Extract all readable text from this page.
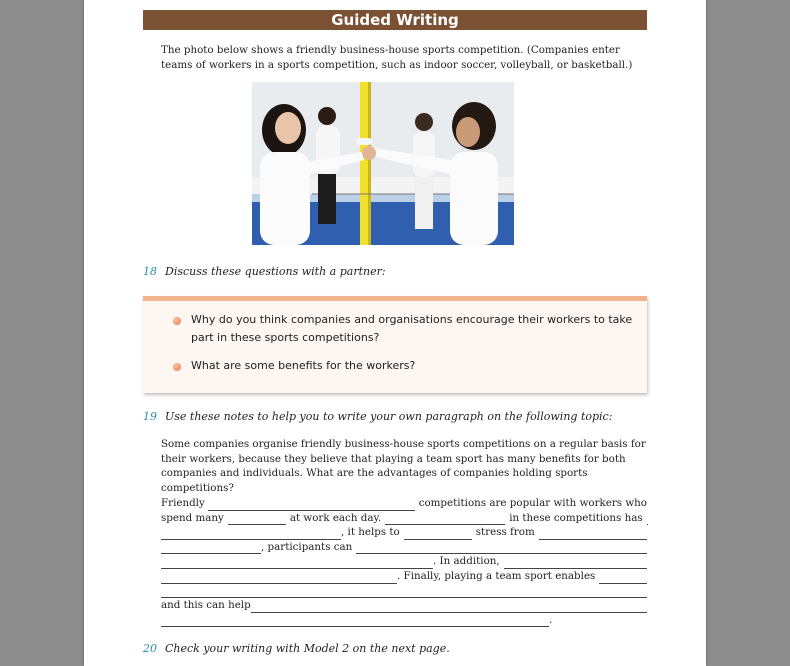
Guided Writing
The photo below shows a friendly business-house sports competition. (Companies enter teams of workers in a sports competition, such as indoor soccer, volleyball, or basketball.)
18 Discuss these questions with a partner:
Why do you think companies and organisations encourage their workers to take
part in these sports competitions?
What are some benefits for the workers?
19 Use these notes to help you to write your own paragraph on the following topic:
Some companies organise friendly business-house sports competitions on a regular basis for their workers, because they believe that playing a team sport has many benefits for both companies and individuals. What are the advantages of companies holding sports competitions?
Friendly	competitions are popular with workers who
spend many	at work each day.	in these competitions has
, it helps to	stress from
, participants can
. In addition,
. Finally, playing a team sport enables
and this can help
.
20 Check your writing with Model 2 on the next page.
